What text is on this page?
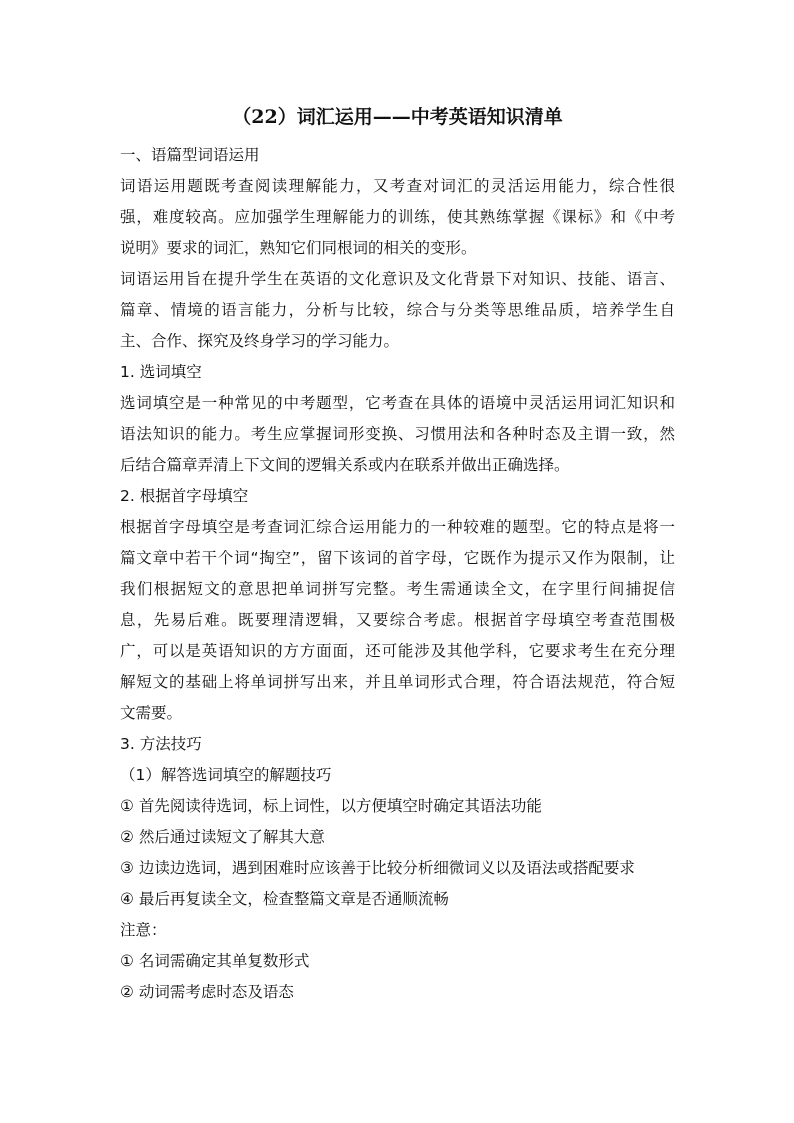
（22）词汇运用——中考英语知识清单
一、语篇型词语运用
词语运用题既考查阅读理解能力，又考查对词汇的灵活运用能力，综合性很
强，难度较高。应加强学生理解能力的训练，使其熟练掌握《课标》和《中考
说明》要求的词汇，熟知它们同根词的相关的变形。
词语运用旨在提升学生在英语的文化意识及文化背景下对知识、技能、语言、
篇章、情境的语言能力，分析与比较，综合与分类等思维品质，培养学生自
主、合作、探究及终身学习的学习能力。
1. 选词填空
选词填空是一种常见的中考题型，它考查在具体的语境中灵活运用词汇知识和
语法知识的能力。考生应掌握词形变换、习惯用法和各种时态及主谓一致，然
后结合篇章弄清上下文间的逻辑关系或内在联系并做出正确选择。
2. 根据首字母填空
根据首字母填空是考查词汇综合运用能力的一种较难的题型。它的特点是将一
篇文章中若干个词“掏空”，留下该词的首字母，它既作为提示又作为限制，让
我们根据短文的意思把单词拼写完整。考生需通读全文，在字里行间捕捉信
息，先易后难。既要理清逻辑，又要综合考虑。根据首字母填空考查范围极
广，可以是英语知识的方方面面，还可能涉及其他学科，它要求考生在充分理
解短文的基础上将单词拼写出来，并且单词形式合理，符合语法规范，符合短
文需要。
3. 方法技巧
（1）解答选词填空的解题技巧
① 首先阅读待选词，标上词性，以方便填空时确定其语法功能
② 然后通过读短文了解其大意
③ 边读边选词，遇到困难时应该善于比较分析细微词义以及语法或搭配要求
④ 最后再复读全文，检查整篇文章是否通顺流畅
注意：
① 名词需确定其单复数形式
② 动词需考虑时态及语态
